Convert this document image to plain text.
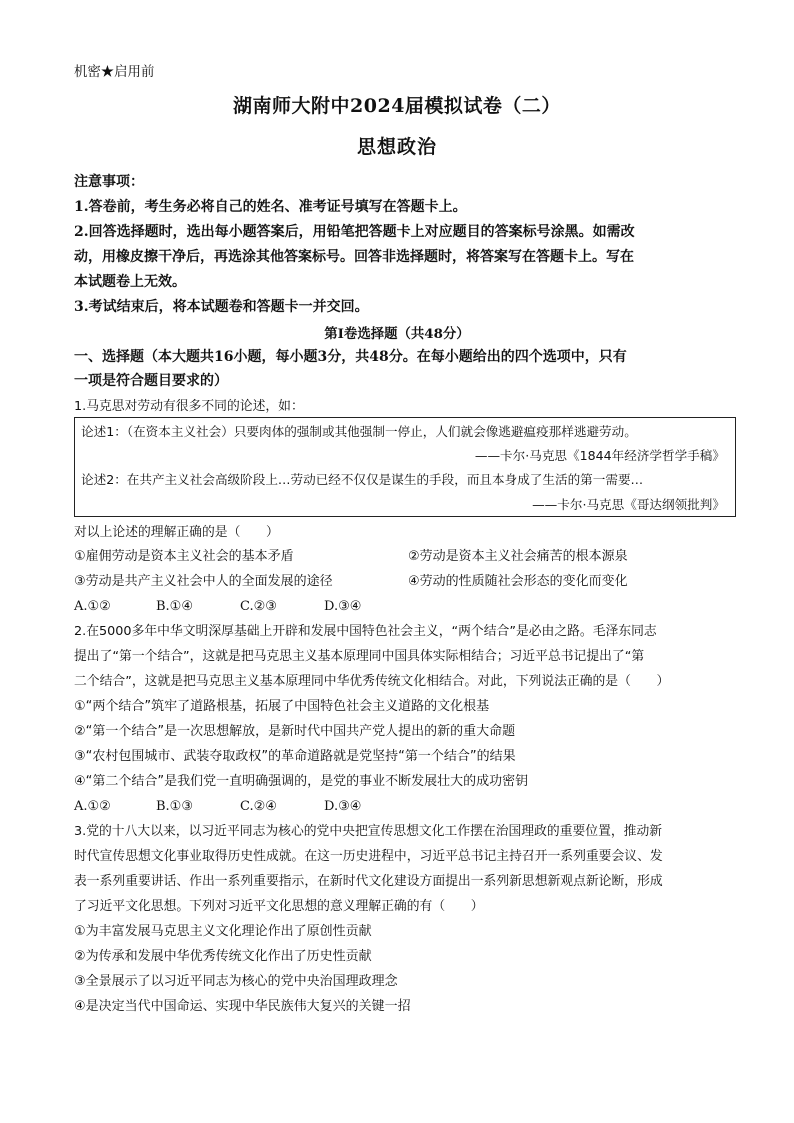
机密★启用前
湖南师大附中2024届模拟试卷（二）
思想政治
注意事项：
1.答卷前，考生务必将自己的姓名、准考证号填写在答题卡上。
2.回答选择题时，选出每小题答案后，用铅笔把答题卡上对应题目的答案标号涂黑。如需改
动，用橡皮擦干净后，再选涂其他答案标号。回答非选择题时，将答案写在答题卡上。写在
本试题卷上无效。
3.考试结束后，将本试题卷和答题卡一并交回。
第Ⅰ卷选择题（共48分）
一、选择题（本大题共16小题，每小题3分，共48分。在每小题给出的四个选项中，只有
一项是符合题目要求的）
1.马克思对劳动有很多不同的论述，如：
论述1：（在资本主义社会）只要肉体的强制或其他强制一停止，人们就会像逃避瘟疫那样逃避劳动。
——卡尔·马克思《1844年经济学哲学手稿》
论述2：在共产主义社会高级阶段上…劳动已经不仅仅是谋生的手段，而且本身成了生活的第一需要…
——卡尔·马克思《哥达纲领批判》
对以上论述的理解正确的是（　　）
①雇佣劳动是资本主义社会的基本矛盾	②劳动是资本主义社会痛苦的根本源泉
③劳动是共产主义社会中人的全面发展的途径	④劳动的性质随社会形态的变化而变化
A.①②	B.①④	C.②③	D.③④
2.在5000多年中华文明深厚基础上开辟和发展中国特色社会主义，“两个结合”是必由之路。毛泽东同志
提出了“第一个结合”，这就是把马克思主义基本原理同中国具体实际相结合；习近平总书记提出了“第
二个结合”，这就是把马克思主义基本原理同中华优秀传统文化相结合。对此，下列说法正确的是（　　）
①“两个结合”筑牢了道路根基，拓展了中国特色社会主义道路的文化根基
②“第一个结合”是一次思想解放，是新时代中国共产党人提出的新的重大命题
③“农村包围城市、武装夺取政权”的革命道路就是党坚持“第一个结合”的结果
④“第二个结合”是我们党一直明确强调的，是党的事业不断发展壮大的成功密钥
A.①②	B.①③	C.②④	D.③④
3.党的十八大以来，以习近平同志为核心的党中央把宣传思想文化工作摆在治国理政的重要位置，推动新
时代宣传思想文化事业取得历史性成就。在这一历史进程中，习近平总书记主持召开一系列重要会议、发
表一系列重要讲话、作出一系列重要指示，在新时代文化建设方面提出一系列新思想新观点新论断，形成
了习近平文化思想。下列对习近平文化思想的意义理解正确的有（　　）
①为丰富发展马克思主义文化理论作出了原创性贡献
②为传承和发展中华优秀传统文化作出了历史性贡献
③全景展示了以习近平同志为核心的党中央治国理政理念
④是决定当代中国命运、实现中华民族伟大复兴的关键一招
